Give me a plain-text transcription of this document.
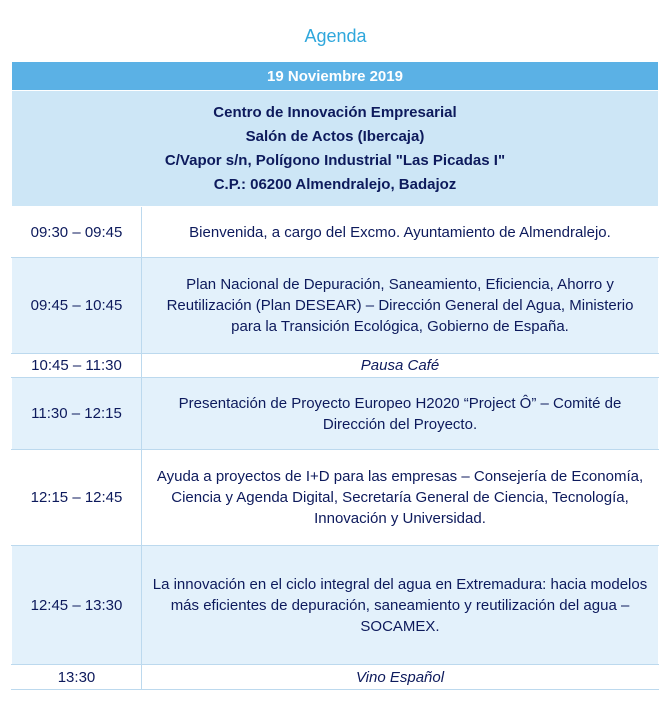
Agenda
19 Noviembre 2019	

Centro de Innovación Empresarial
Salón de Actos (Ibercaja)
C/Vapor s/n, Polígono Industrial "Las Picadas I"
C.P.: 06200 Almendralejo, Badajoz	

09:30 – 09:45	Bienvenida, a cargo del Excmo. Ayuntamiento de Almendralejo.
09:45 – 10:45	Plan Nacional de Depuración, Saneamiento, Eficiencia, Ahorro y Reutilización (Plan DESEAR) – Dirección General del Agua, Ministerio para la Transición Ecológica, Gobierno de España.
10:45 – 11:30	Pausa Café
11:30 – 12:15	Presentación de Proyecto Europeo H2020 “Project Ô” – Comité de Dirección del Proyecto.
12:15 – 12:45	Ayuda a proyectos de I+D para las empresas – Consejería de Economía, Ciencia y Agenda Digital, Secretaría General de Ciencia, Tecnología, Innovación y Universidad.
12:45 – 13:30	La innovación en el ciclo integral del agua en Extremadura: hacia modelos más eficientes de depuración, saneamiento y reutilización del agua – SOCAMEX.
13:30	Vino Español
